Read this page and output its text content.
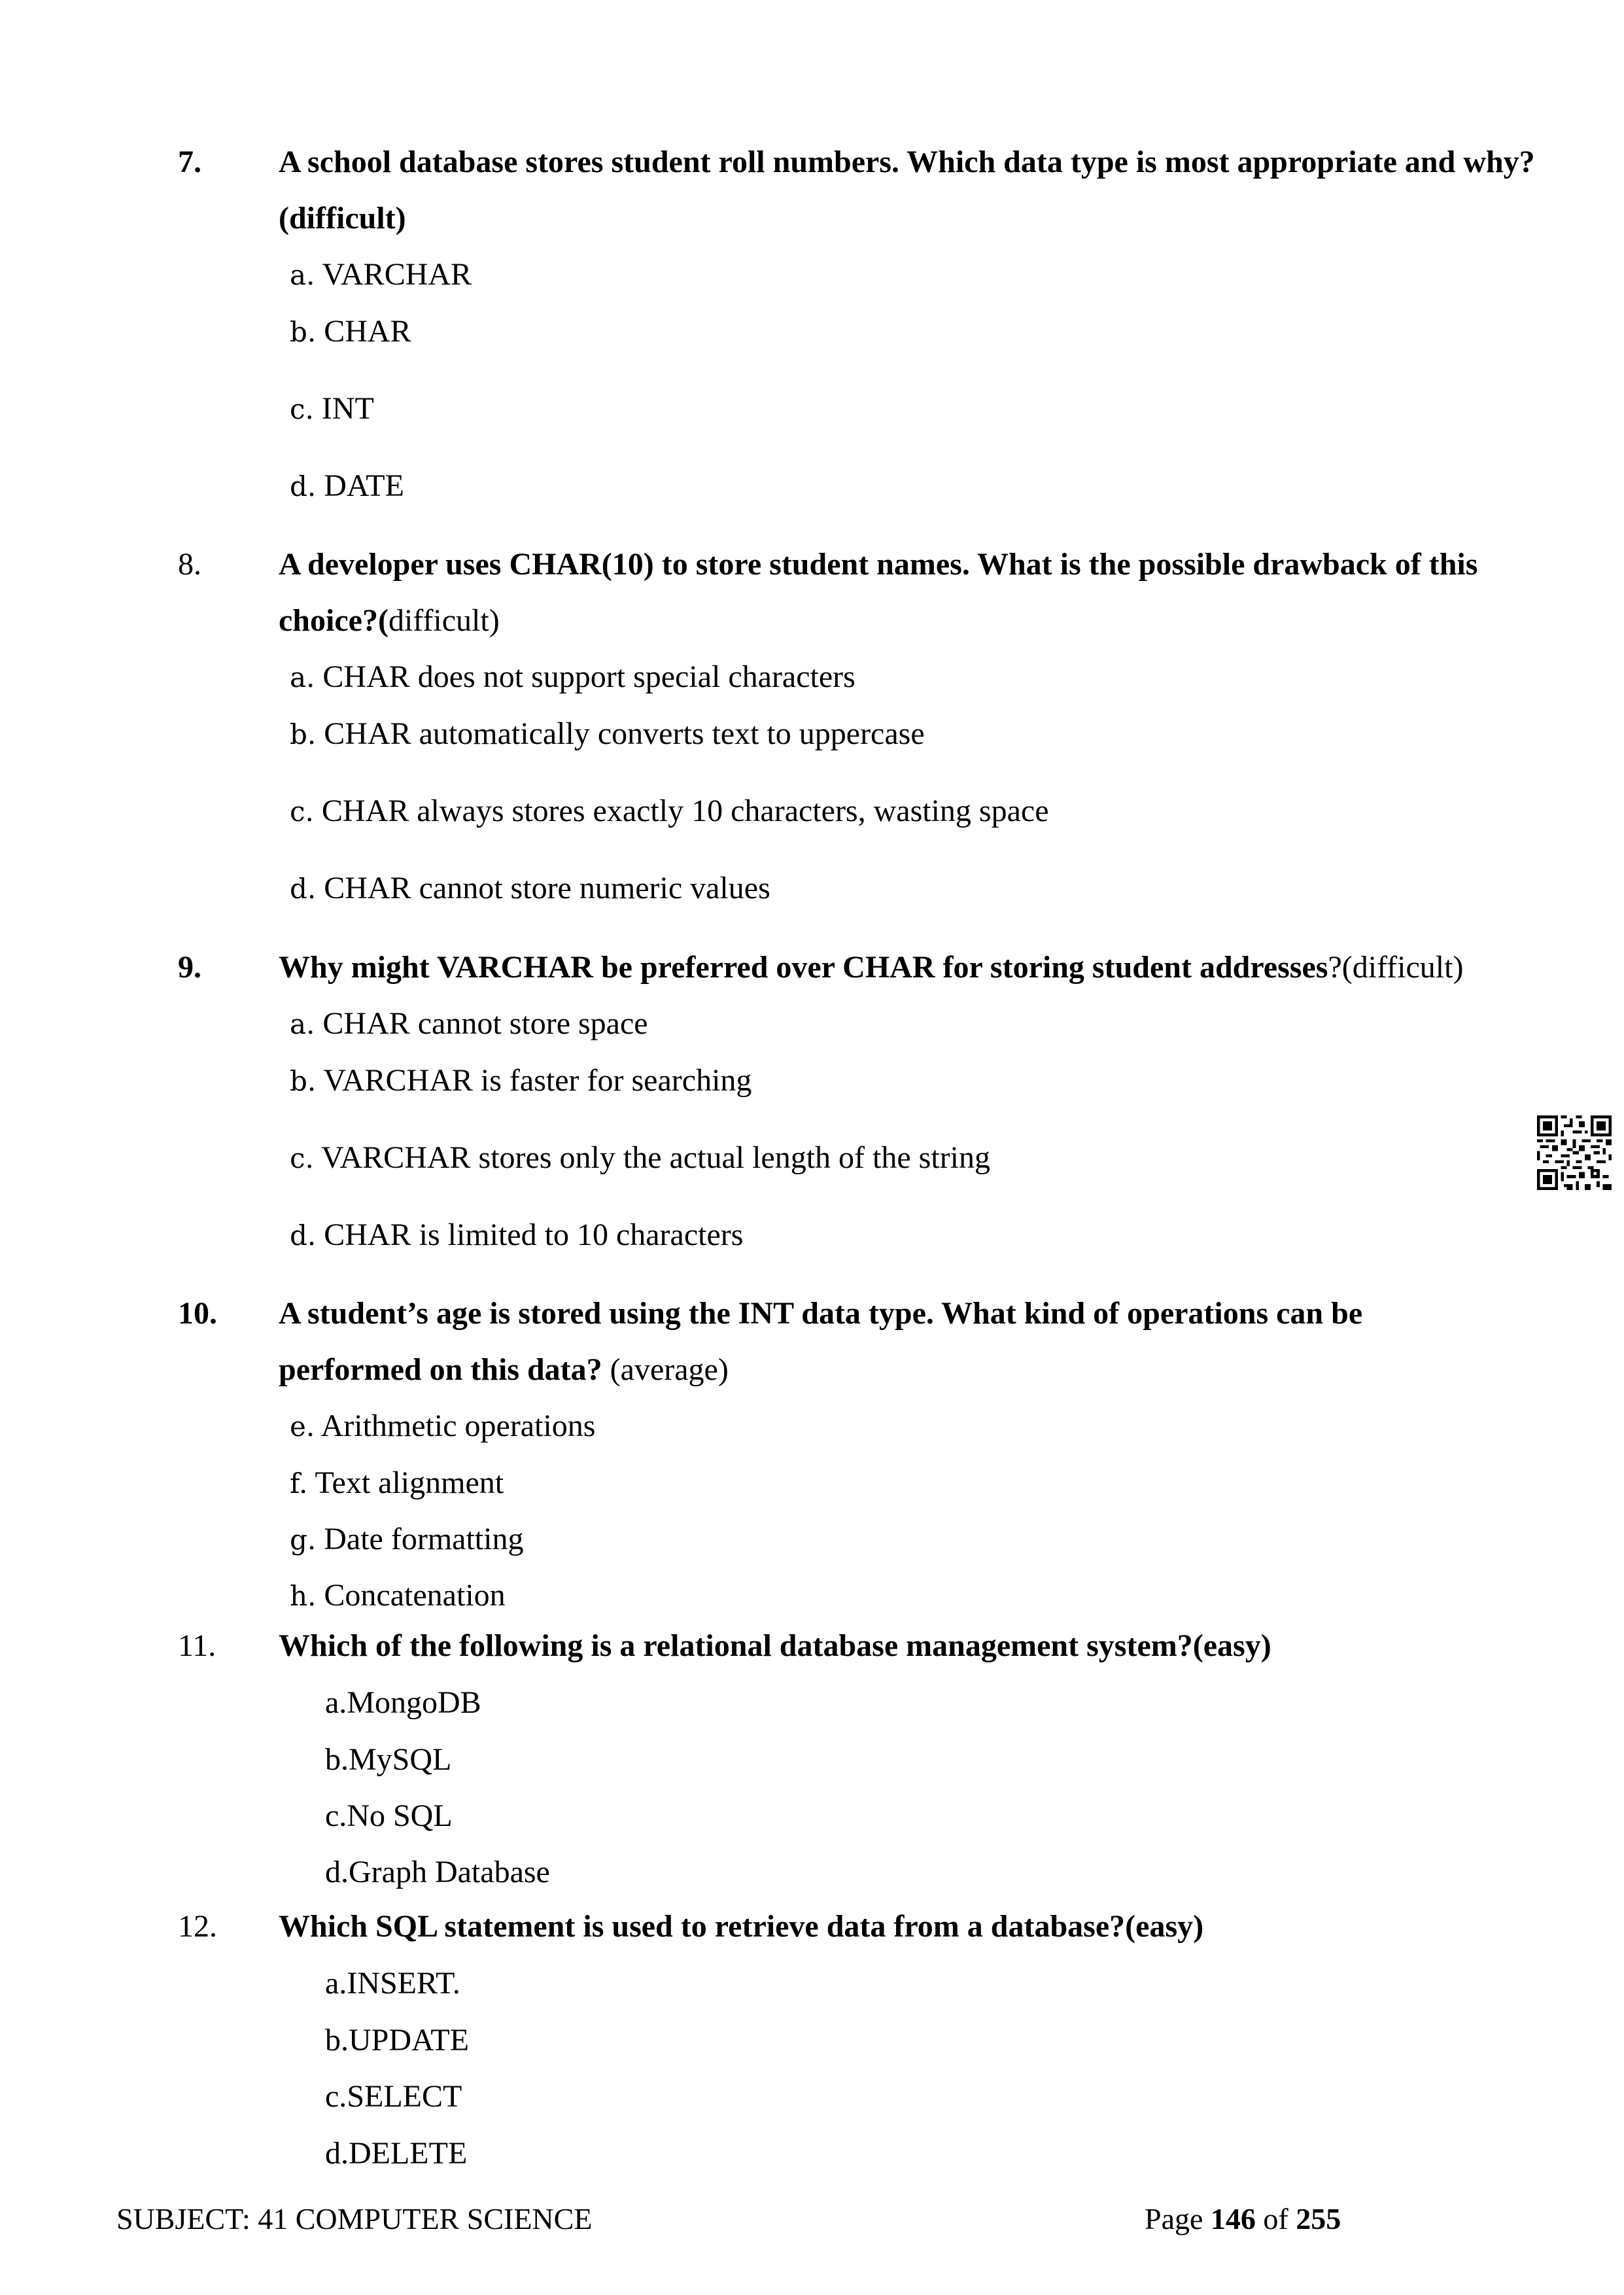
7. A school database stores student roll numbers. Which data type is most appropriate and why?(difficult)
a. VARCHAR
b. CHAR
c. INT
d. DATE
8. A developer uses CHAR(10) to store student names. What is the possible drawback of this choice?(difficult)
a. CHAR does not support special characters
b. CHAR automatically converts text to uppercase
c. CHAR always stores exactly 10 characters, wasting space
d. CHAR cannot store numeric values
9. Why might VARCHAR be preferred over CHAR for storing student addresses?(difficult)
a. CHAR cannot store space
b. VARCHAR is faster for searching
c. VARCHAR stores only the actual length of the string
d. CHAR is limited to 10 characters
10. A student’s age is stored using the INT data type. What kind of operations can be performed on this data? (average)
e. Arithmetic operations
f. Text alignment
g. Date formatting
h. Concatenation
11. Which of the following is a relational database management system?(easy)
a.MongoDB
b.MySQL
c.No SQL
d.Graph Database
12. Which SQL statement is used to retrieve data from a database?(easy)
a.INSERT.
b.UPDATE
c.SELECT
d.DELETE
SUBJECT: 41 COMPUTER SCIENCE	Page 146 of 255
